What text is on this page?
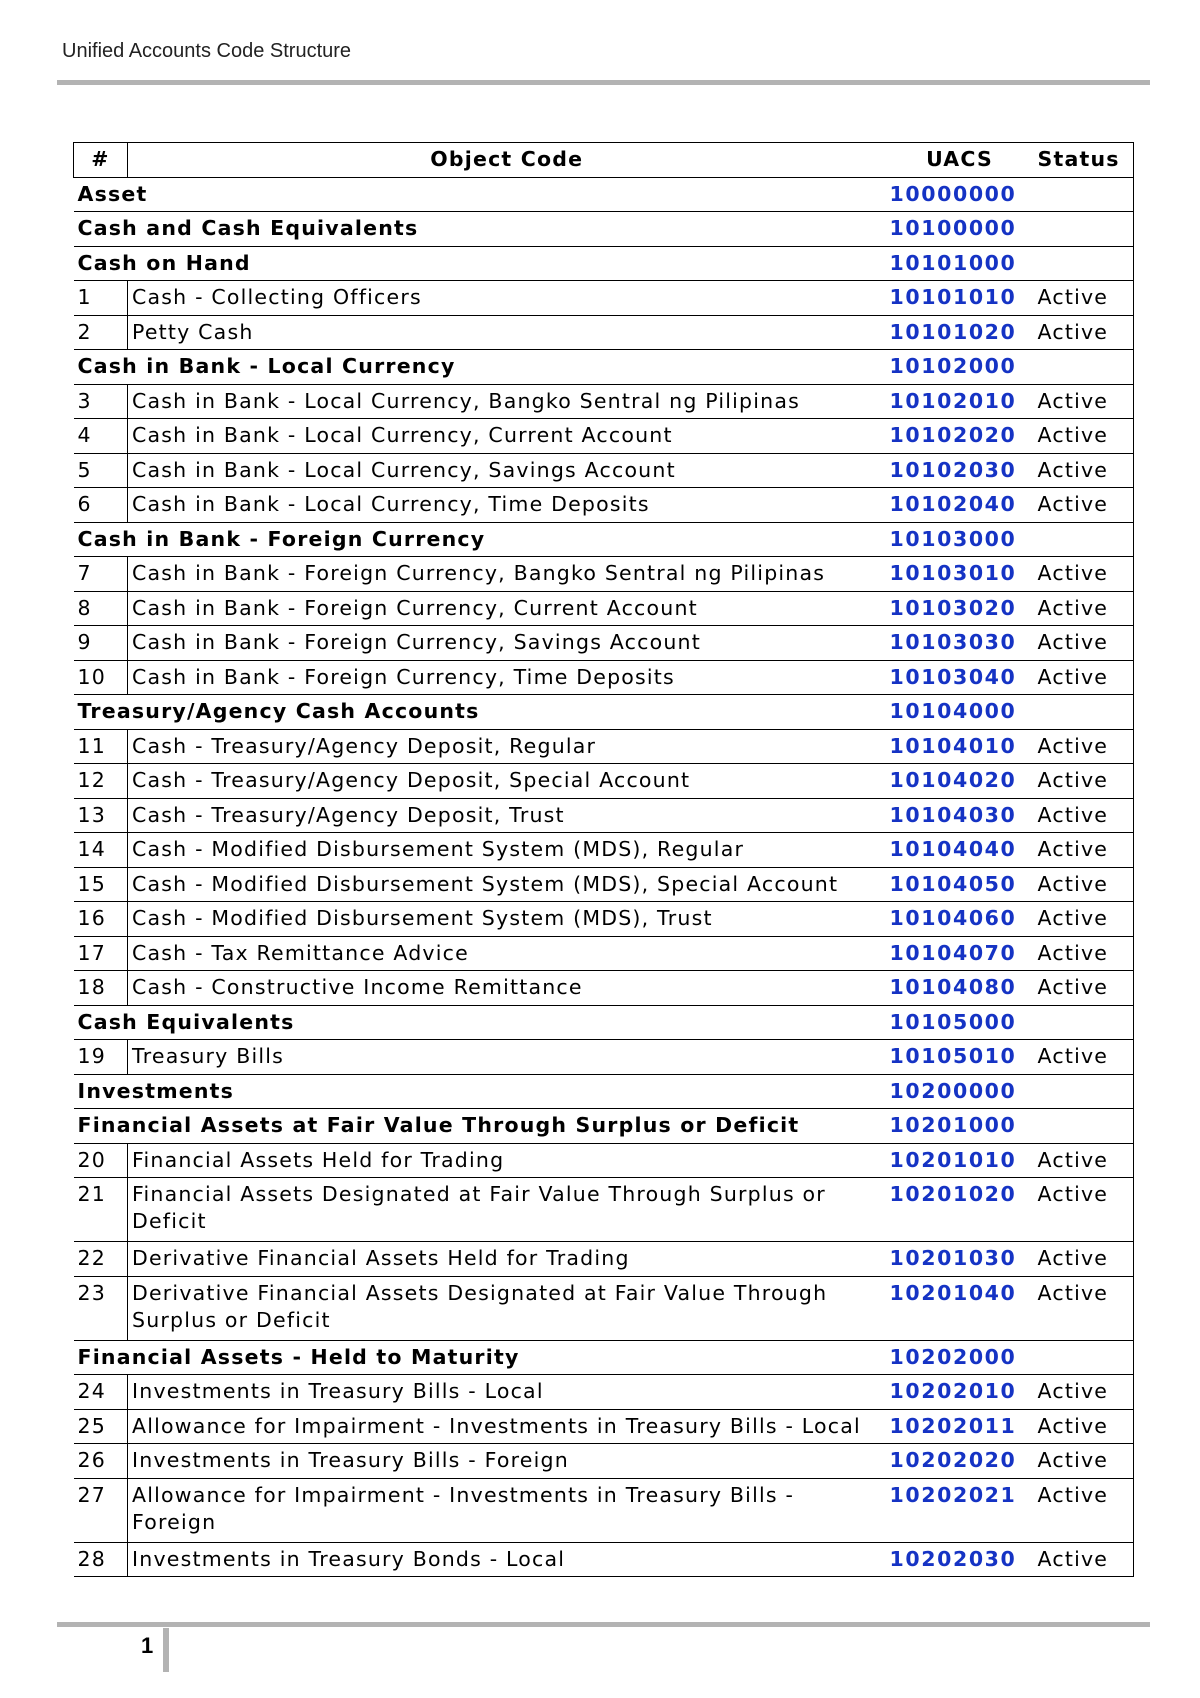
Unified Accounts Code Structure
#	Object Code	UACS	Status
Asset		10000000	
Cash and Cash Equivalents		10100000	
Cash on Hand		10101000	
1	Cash - Collecting Officers	10101010	Active
2	Petty Cash	10101020	Active
Cash in Bank - Local Currency		10102000	
3	Cash in Bank - Local Currency, Bangko Sentral ng Pilipinas	10102010	Active
4	Cash in Bank - Local Currency, Current Account	10102020	Active
5	Cash in Bank - Local Currency, Savings Account	10102030	Active
6	Cash in Bank - Local Currency, Time Deposits	10102040	Active
Cash in Bank - Foreign Currency		10103000	
7	Cash in Bank - Foreign Currency, Bangko Sentral ng Pilipinas	10103010	Active
8	Cash in Bank - Foreign Currency, Current Account	10103020	Active
9	Cash in Bank - Foreign Currency, Savings Account	10103030	Active
10	Cash in Bank - Foreign Currency, Time Deposits	10103040	Active
Treasury/Agency Cash Accounts		10104000	
11	Cash - Treasury/Agency Deposit, Regular	10104010	Active
12	Cash - Treasury/Agency Deposit, Special Account	10104020	Active
13	Cash - Treasury/Agency Deposit, Trust	10104030	Active
14	Cash - Modified Disbursement System (MDS), Regular	10104040	Active
15	Cash - Modified Disbursement System (MDS), Special Account	10104050	Active
16	Cash - Modified Disbursement System (MDS), Trust	10104060	Active
17	Cash - Tax Remittance Advice	10104070	Active
18	Cash - Constructive Income Remittance	10104080	Active
Cash Equivalents		10105000	
19	Treasury Bills	10105010	Active
Investments		10200000	
Financial Assets at Fair Value Through Surplus or Deficit		10201000	
20	Financial Assets Held for Trading	10201010	Active
21	Financial Assets Designated at Fair Value Through Surplus or Deficit	10201020	Active
22	Derivative Financial Assets Held for Trading	10201030	Active
23	Derivative Financial Assets Designated at Fair Value Through Surplus or Deficit	10201040	Active
Financial Assets - Held to Maturity		10202000	
24	Investments in Treasury Bills - Local	10202010	Active
25	Allowance for Impairment - Investments in Treasury Bills - Local	10202011	Active
26	Investments in Treasury Bills - Foreign	10202020	Active
27	Allowance for Impairment - Investments in Treasury Bills - Foreign	10202021	Active
28	Investments in Treasury Bonds - Local	10202030	Active
1
